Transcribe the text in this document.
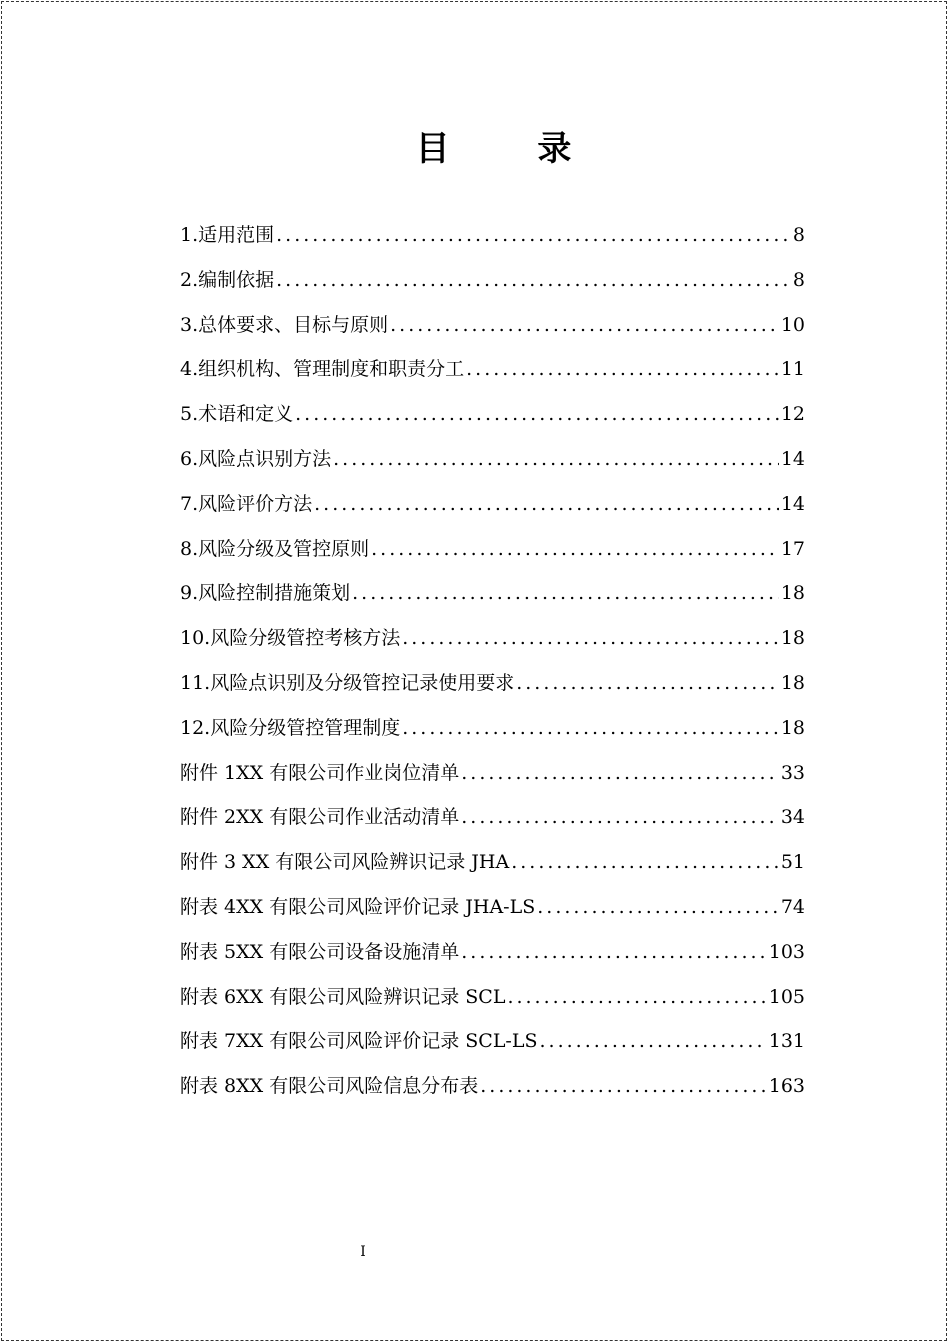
目 录
1.适用范围 .....	8
2.编制依据 .....	8
3.总体要求、目标与原则 .....	10
4.组织机构、管理制度和职责分工 .....	11
5.术语和定义 .....	12
6.风险点识别方法 .....	14
7.风险评价方法 .....	14
8.风险分级及管控原则 .....	17
9.风险控制措施策划 .....	18
10.风险分级管控考核方法 .....	18
11.风险点识别及分级管控记录使用要求 .....	18
12.风险分级管控管理制度 .....	18
附件 1XX 有限公司作业岗位清单 .....	33
附件 2XX 有限公司作业活动清单 .....	34
附件 3 XX 有限公司风险辨识记录 JHA .....	51
附表 4XX 有限公司风险评价记录 JHA-LS .....	74
附表 5XX 有限公司设备设施清单 .....	103
附表 6XX 有限公司风险辨识记录 SCL .....	105
附表 7XX 有限公司风险评价记录 SCL-LS .....	131
附表 8XX 有限公司风险信息分布表 .....	163
I
